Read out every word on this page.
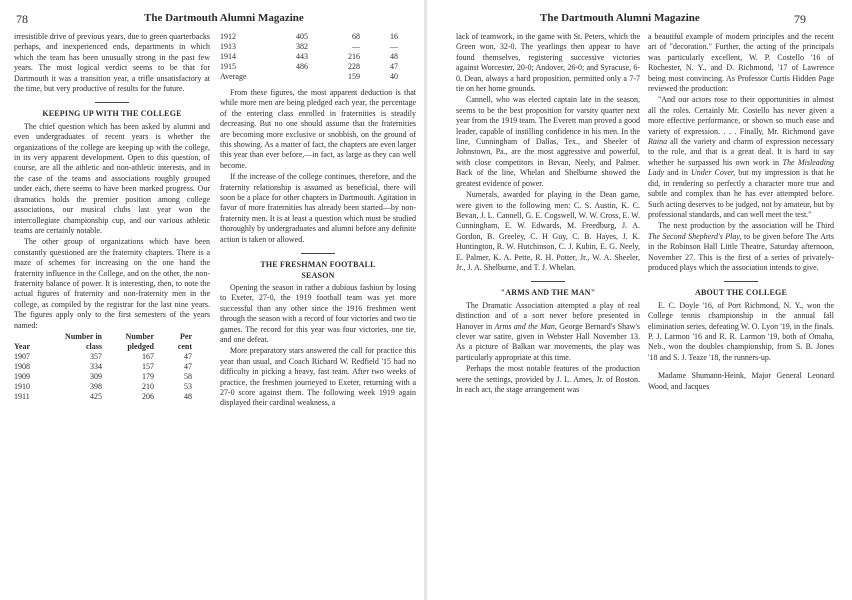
78	The Dartmouth Alumni Magazine

irresistible drive of previous years, due to green quarterbacks perhaps, and inexperienced ends, departments in which which the team has been unusually strong in the past few years. The most logical verdict seems to be that for Dartmouth it was a transition year, a trifle unsatisfactory at the time, but very productive of results for the future.

KEEPING UP WITH THE COLLEGE

The chief question which has been asked by alumni and even undergraduates of recent years is whether the organizations of the college are keeping up with the college, in its very apparent development. Open to this question, of course, are all the athletic and non-athletic interests, and in the case of the teams and associations roughly grouped under each, there seems to have been marked progress. Our dramatics holds the premier position among college associations, our musical clubs last year won the intercollegiate championship cup, and our various athletic teams are certainly notable.

The other group of organizations which have been constantly questioned are the fraternity chapters. There is a maze of schemes for increasing on the one hand the fraternity influence in the College, and on the other, the non-fraternity balance of power. It is interesting, then, to note the actual figures of fraternity and non-fraternity men in the college, as compiled by the registrar for the last nine years. The figures apply only to the first semesters of the years named:

Year	Number in class	Number pledged	Per cent
1907	357	167	47
1908	334	157	47
1909	309	179	58
1910	398	210	53
1911	425	206	48
1912	405	68	16
1913	382	—	—
1914	443	216	48
1915	486	228	47
Average		159	40

From these figures, the most apparent deduction is that while more men are being pledged each year, the percentage of the entering class enrolled in fraternities is steadily decreasing. But no one should assume that the fraternities are becoming more exclusive or snobbish, on the ground of this showing. As a matter of fact, the chapters are even larger this year than ever before,—in fact, as large as they can well become.

If the increase of the college continues, therefore, and the fraternity relationship is assumed as beneficial, there will soon be a place for other chapters in Dartmouth. Agitation in favor of more fraternities has already been started—by non-fraternity men. It is at least a question which must be studied thoroughly by undergraduates and alumni before any definite action is taken or allowed.

THE FRESHMAN FOOTBALL
SEASON

Opening the season in rather a dubious fashion by losing to Exeter, 27-0, the 1919 football team was yet more successful than any other since the 1916 freshmen went through the season with a record of four victories and two tie games. The record for this year was four victories, one tie, and one defeat.

More preparatory stars answered the call for practice this year than usual, and Coach Richard W. Redfield '15 had no difficulty in picking a heavy, fast team. After two weeks of practice, the freshmen journeyed to Exeter, returning with a 27-0 score against them. The following week 1919 again displayed their cardinal weakness, a

The Dartmouth Alumni Magazine	79

lack of teamwork, in the game with St. Peters, which the Green won, 32-0. The yearlings then appear to have found themselves, registering successive victories against Worcester, 20-0; Andover, 26-0; and Syracuse, 6-0. Dean, always a hard proposition, permitted only a 7-7 tie on her home grounds.

Cannell, who was elected captain late in the season, seems to be the best proposition for varsity quarter next year from the 1919 team. The Everett man proved a good leader, capable of instilling confidence in his men. In the line, Cunningham of Dallas, Tex., and Sheeler of Johnstown, Pa., are the most aggressive and powerful, with close competitors in Bevan, Neely, and Palmer. Back of the line, Whelan and Shelburne showed the greatest evidence of power.

Numerals, awarded for playing in the Dean game, were given to the following men: C. S. Austin, K. C. Bevan, J. L. Cannell, G. E. Cogswell, W. W. Cross, E. W. Cunningham, E. W. Edwards, M. Freedburg, J. A. Gordon, B. Greeley, C. H Guy, C. B. Hayes, J. K. Huntington, R. W. Hutchinson, C. J. Kubin, E. G. Neely, E. Palmer, K. A. Pette, R. H. Potter, Jr., W. A. Sheeler, Jr., J. A. Shelburne, and T. J. Whelan.

"ARMS AND THE MAN"

The Dramatic Association attempted a play of real distinction and of a sort never before presented in Hanover in Arms and the Man, George Bernard's Shaw's clever war satire, given in Webster Hall November 13. As a picture of Balkan war movements, the play was particularly appropriate at this time.

Perhaps the most notable features of the production were the settings, provided by J. L. Ames, Jr. of Boston. In each act, the stage arrangement was

a beautiful example of modern principles and the recent art of "decoration." Further, the acting of the principals was particularly excellent, W. P. Costello '16 of Rochester, N. Y., and D. Richmond, '17 of Lawrence being most convincing. As Professor Curtis Hidden Page reviewed the production:

"And our actors rose to their opportunities in almost all the roles. Certainly Mr. Costello has never given a more effective performance, or shown so much ease and variety of expression. . . . Finally, Mr. Richmond gave Raina all the variety and charm of expression necessary to the role, and that is a great deal. It is hard to say whether he surpassed his own work in The Misleading Lady and in Under Cover, but my impression is that he did, in rendering so perfectly a character more true and subtle and complex than he has ever attempted before. Such acting deserves to be judged, not by amateur, but by professional standards, and can well meet the test."

The next production by the association will be Third The Second Shepherd's Play, to be given before The Arts in the Robinson Hall Little Theatre, Saturday afternoon, November 27. This is the first of a series of privately-produced plays which the association intends to give.

ABOUT THE COLLEGE

E. C. Doyle '16, of Port Richmond, N. Y., won the College tennis championship in the annual fall elimination series, defeating W. O. Lyon '19, in the finals. P. J. Larmon '16 and R. R. Larmon '19, both of Omaha, Neb., won the doubles championship, from S. B. Jones '18 and S. J. Teaze '18, the runners-up.

Madame Shumann-Heink, Major General Leonard Wood, and Jacques
